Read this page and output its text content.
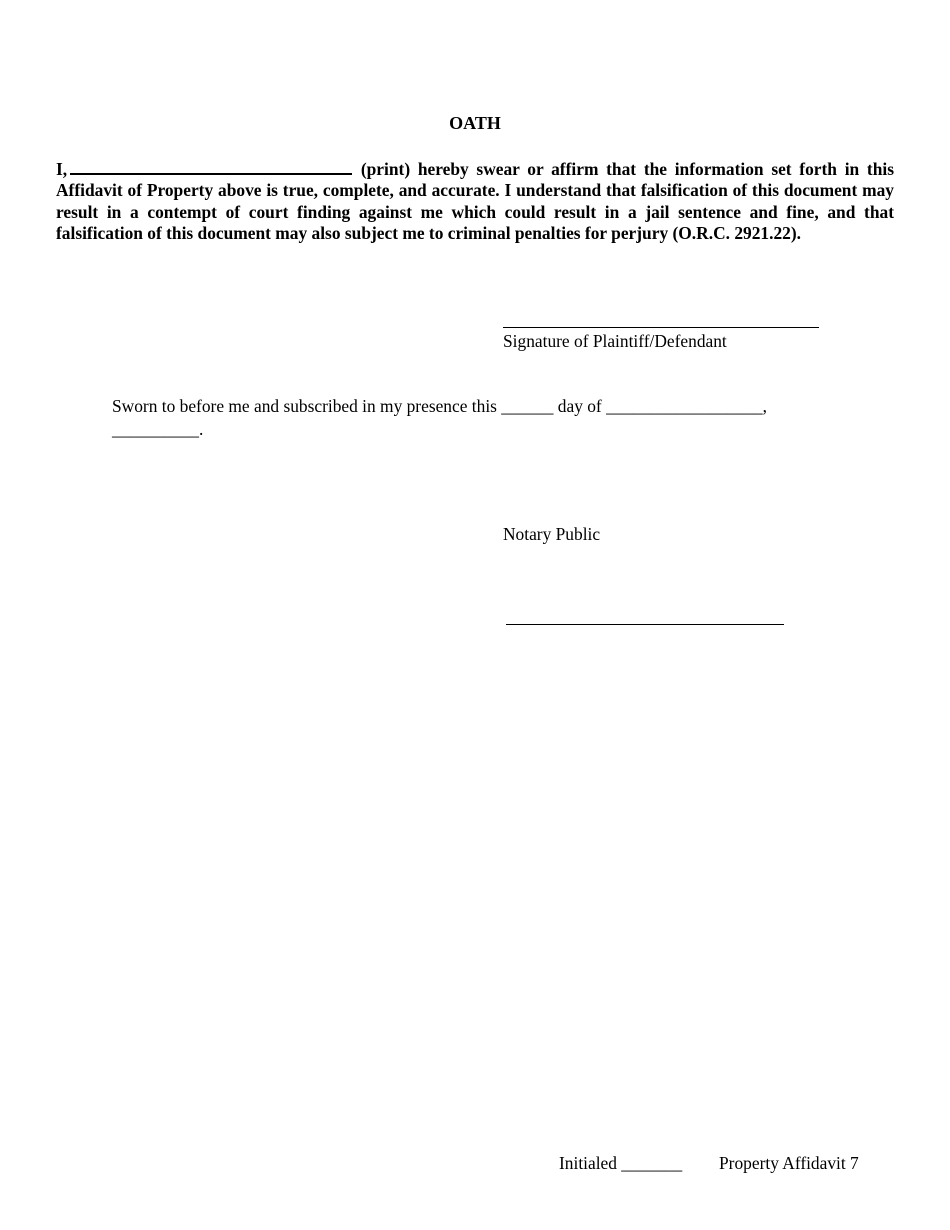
OATH

I,	(print) hereby swear or affirm that the information set forth in this Affidavit of Property above is true, complete, and accurate. I understand that falsification of this document may result in a contempt of court finding against me which could result in a jail sentence and fine, and that falsification of this document may also subject me to criminal penalties for perjury (O.R.C. 2921.22).

Signature of Plaintiff/Defendant
Sworn to before me and subscribed in my presence this ______ day of __________________,
__________.
Notary Public
Initialed _______ Property Affidavit 7
